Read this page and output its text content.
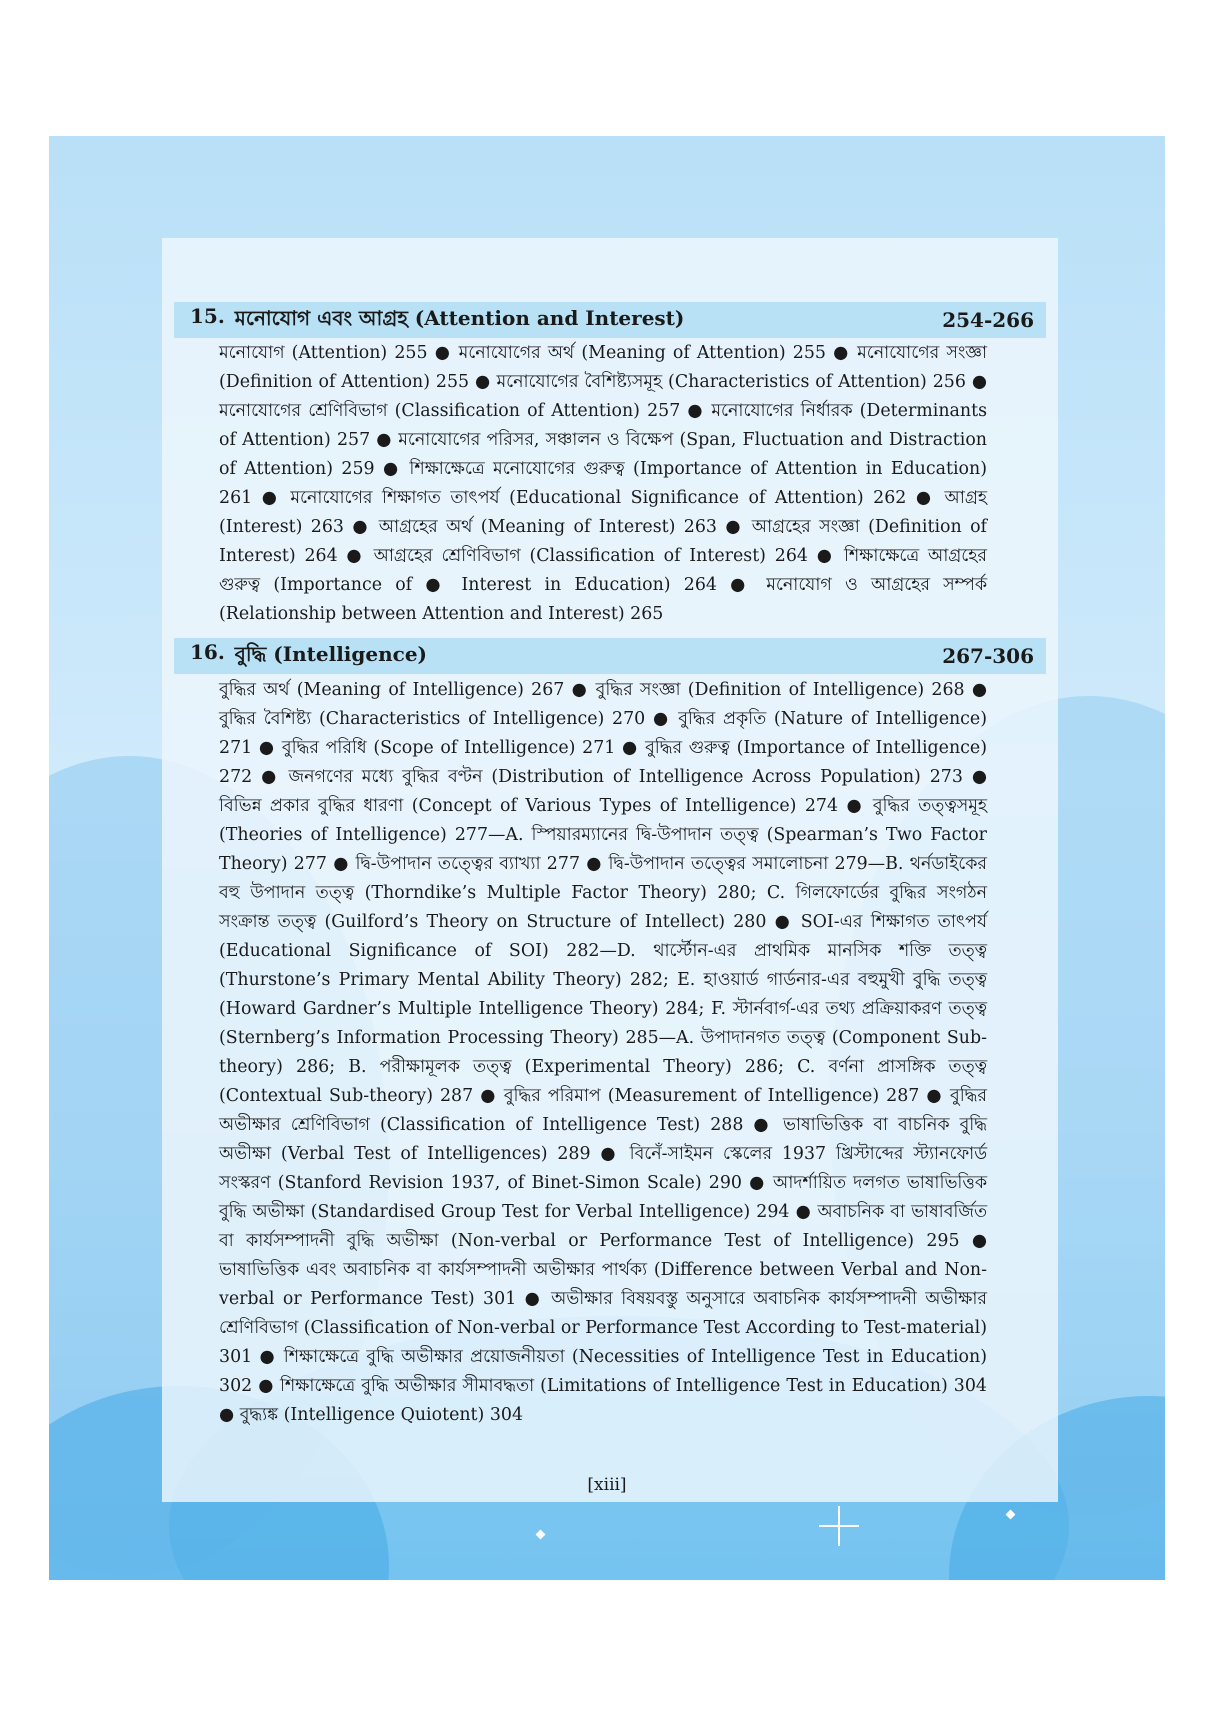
15. মনোযোগ এবং আগ্রহ (Attention and Interest)	254-266

মনোযোগ (Attention) 255 ● মনোযোগের অর্থ (Meaning of Attention) 255 ● মনোযোগের সংজ্ঞা (Definition of Attention) 255 ● মনোযোগের বৈশিষ্ট্যসমূহ (Characteristics of Attention) 256 ● মনোযোগের শ্রেণিবিভাগ (Classification of Attention) 257 ● মনোযোগের নির্ধারক (Determinants of Attention) 257 ● মনোযোগের পরিসর, সঞ্চালন ও বিক্ষেপ (Span, Fluctuation and Distraction of Attention) 259 ● শিক্ষাক্ষেত্রে মনোযোগের গুরুত্ব (Importance of Attention in Education) 261 ● মনোযোগের শিক্ষাগত তাৎপর্য (Educational Significance of Attention) 262 ● আগ্রহ (Interest) 263 ● আগ্রহের অর্থ (Meaning of Interest) 263 ● আগ্রহের সংজ্ঞা (Definition of Interest) 264 ● আগ্রহের শ্রেণিবিভাগ (Classification of Interest) 264 ● শিক্ষাক্ষেত্রে আগ্রহের গুরুত্ব (Importance of ● Interest in Education) 264 ● মনোযোগ ও আগ্রহের সম্পর্ক (Relationship between Attention and Interest) 265

16. বুদ্ধি (Intelligence)	267-306

বুদ্ধির অর্থ (Meaning of Intelligence) 267 ● বুদ্ধির সংজ্ঞা (Definition of Intelligence) 268 ● বুদ্ধির বৈশিষ্ট্য (Characteristics of Intelligence) 270 ● বুদ্ধির প্রকৃতি (Nature of Intelligence) 271 ● বুদ্ধির পরিধি (Scope of Intelligence) 271 ● বুদ্ধির গুরুত্ব (Importance of Intelligence) 272 ● জনগণের মধ্যে বুদ্ধির বণ্টন (Distribution of Intelligence Across Population) 273 ● বিভিন্ন প্রকার বুদ্ধির ধারণা (Concept of Various Types of Intelligence) 274 ● বুদ্ধির তত্ত্বসমূহ (Theories of Intelligence) 277—A. স্পিয়ারম্যানের দ্বি-উপাদান তত্ত্ব (Spearman’s Two Factor Theory) 277 ● দ্বি-উপাদান তত্ত্বের ব্যাখ্যা 277 ● দ্বি-উপাদান তত্ত্বের সমালোচনা 279—B. থর্নডাইকের বহু উপাদান তত্ত্ব (Thorndike’s Multiple Factor Theory) 280; C. গিলফোর্ডের বুদ্ধির সংগঠন সংক্রান্ত তত্ত্ব (Guilford’s Theory on Structure of Intellect) 280 ● SOI-এর শিক্ষাগত তাৎপর্য (Educational Significance of SOI) 282—D. থার্স্টোন-এর প্রাথমিক মানসিক শক্তি তত্ত্ব (Thurstone’s Primary Mental Ability Theory) 282; E. হাওয়ার্ড গার্ডনার-এর বহুমুখী বুদ্ধি তত্ত্ব (Howard Gardner’s Multiple Intelligence Theory) 284; F. স্টার্নবার্গ-এর তথ্য প্রক্রিয়াকরণ তত্ত্ব (Sternberg’s Information Processing Theory) 285—A. উপাদানগত তত্ত্ব (Component Sub-theory) 286; B. পরীক্ষামূলক তত্ত্ব (Experimental Theory) 286; C. বর্ণনা প্রাসঙ্গিক তত্ত্ব (Contextual Sub-theory) 287 ● বুদ্ধির পরিমাপ (Measurement of Intelligence) 287 ● বুদ্ধির অভীক্ষার শ্রেণিবিভাগ (Classification of Intelligence Test) 288 ● ভাষাভিত্তিক বা বাচনিক বুদ্ধি অভীক্ষা (Verbal Test of Intelligences) 289 ● বিনেঁ-সাইমন স্কেলের 1937 খ্রিস্টাব্দের স্ট্যানফোর্ড সংস্করণ (Stanford Revision 1937, of Binet-Simon Scale) 290 ● আদর্শায়িত দলগত ভাষাভিত্তিক বুদ্ধি অভীক্ষা (Standardised Group Test for Verbal Intelligence) 294 ● অবাচনিক বা ভাষাবর্জিত বা কার্যসম্পাদনী বুদ্ধি অভীক্ষা (Non-verbal or Performance Test of Intelligence) 295 ● ভাষাভিত্তিক এবং অবাচনিক বা কার্যসম্পাদনী অভীক্ষার পার্থক্য (Difference between Verbal and Non-verbal or Performance Test) 301 ● অভীক্ষার বিষয়বস্তু অনুসারে অবাচনিক কার্যসম্পাদনী অভীক্ষার শ্রেণিবিভাগ (Classification of Non-verbal or Performance Test According to Test-material) 301 ● শিক্ষাক্ষেত্রে বুদ্ধি অভীক্ষার প্রয়োজনীয়তা (Necessities of Intelligence Test in Education) 302 ● শিক্ষাক্ষেত্রে বুদ্ধি অভীক্ষার সীমাবদ্ধতা (Limitations of Intelligence Test in Education) 304 ● বুদ্ধ্যঙ্ক (Intelligence Quiotent) 304

[xiii]
